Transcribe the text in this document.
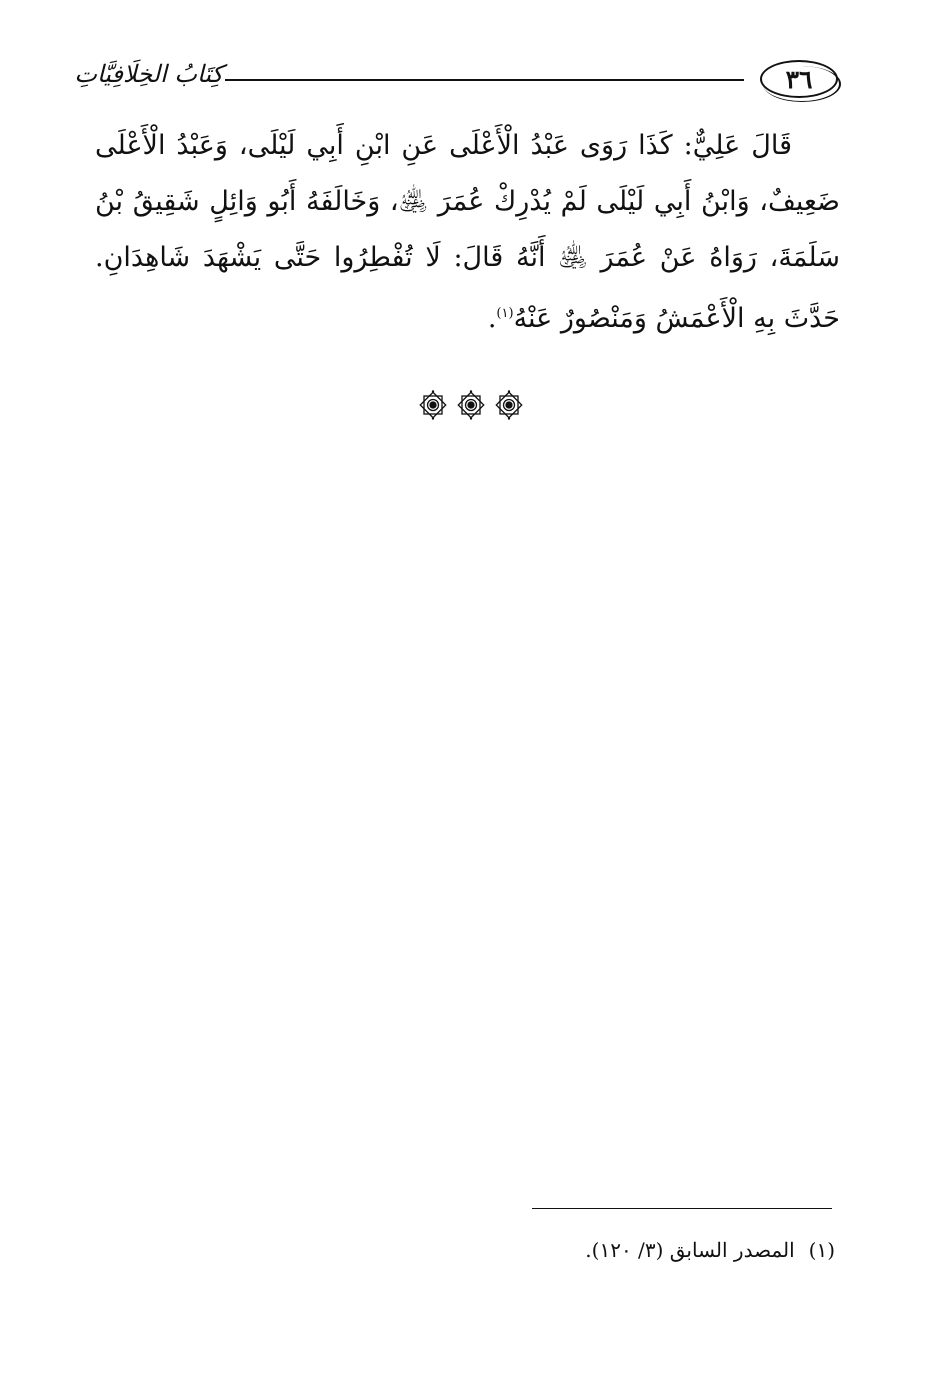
٣٦
كِتَابُ الخِلَافِيَّاتِ

قَالَ عَلِيٌّ: كَذَا رَوَى عَبْدُ الْأَعْلَى عَنِ ابْنِ أَبِي لَيْلَى، وَعَبْدُ الْأَعْلَى ضَعِيفٌ، وَابْنُ أَبِي لَيْلَى لَمْ يُدْرِكْ عُمَرَ ﵁، وَخَالَفَهُ أَبُو وَائِلٍ شَقِيقُ بْنُ سَلَمَةَ، رَوَاهُ عَنْ عُمَرَ ﵁ أَنَّهُ قَالَ: لَا تُفْطِرُوا حَتَّى يَشْهَدَ شَاهِدَانِ. حَدَّثَ بِهِ الْأَعْمَشُ وَمَنْصُورٌ عَنْهُ$^{(١)}$.

(١)المصدر السابق (٣/ ١٢٠).
